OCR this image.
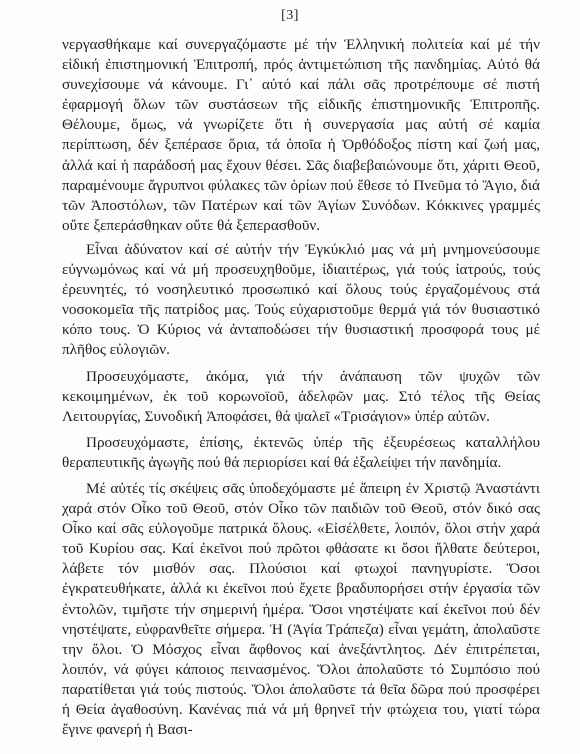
[3]

νεργασθήκαμε καί συνεργαζόμαστε μέ τήν Ἑλληνική πολιτεία καί μέ τήν εἰδική ἐπιστημονική Ἐπιτροπή, πρός ἀντιμετώπιση τῆς πανδημίας. Αὐτό θά συνεχίσουμε νά κάνουμε. Γι᾽ αὐτό καί πάλι σᾶς προτρέπουμε σέ πιστή ἐφαρμογή ὅλων τῶν συστάσεων τῆς εἰδικῆς ἐπιστημονικῆς Ἐπιτροπῆς. Θέλουμε, ὅμως, νά γνωρίζετε ὅτι ἡ συνεργασία μας αὐτή σέ καμία περίπτωση, δέν ξεπέρασε ὅρια, τά ὁποῖα ἡ Ὀρθόδοξος πίστη καί ζωή μας, ἀλλά καί ἡ παράδοσή μας ἔχουν θέσει. Σᾶς διαβεβαιώνουμε ὅτι, χάριτι Θεοῦ, παραμένουμε ἄγρυπνοι φύλακες τῶν ὁρίων πού ἔθεσε τό Πνεῦμα τό Ἅγιο, διά τῶν Ἀποστόλων, τῶν Πατέρων καί τῶν Ἁγίων Συνόδων. Κόκκινες γραμμές οὔτε ξεπεράσθηκαν οὔτε θά ξεπερασθοῦν.

Εἶναι ἀδύνατον καί σέ αὐτήν τήν Ἐγκύκλιό μας νά μή μνημονεύσουμε εὐγνωμόνως καί νά μή προσευχηθοῦμε, ἰδιαιτέρως, γιά τούς ἰατρούς, τούς ἐρευνητές, τό νοσηλευτικό προσωπικό καί ὅλους τούς ἐργαζομένους στά νοσοκομεῖα τῆς πατρίδος μας. Τούς εὐχαριστοῦμε θερμά γιά τόν θυσιαστικό κόπο τους. Ὁ Κύριος νά ἀνταποδώσει τήν θυσιαστική προσφορά τους μέ πλῆθος εὐλογιῶν.

Προσευχόμαστε, ἀκόμα, γιά τήν ἀνάπαυση τῶν ψυχῶν τῶν κεκοιμημένων, ἐκ τοῦ κορωνοϊοῦ, ἀδελφῶν μας. Στό τέλος τῆς Θείας Λειτουργίας, Συνοδική Ἀποφάσει, θά ψαλεῖ «Τρισάγιον» ὑπέρ αὐτῶν.

Προσευχόμαστε, ἐπίσης, ἐκτενῶς ὑπέρ τῆς ἐξευρέσεως καταλλήλου θεραπευτικῆς ἀγωγῆς πού θά περιορίσει καί θά ἐξαλείψει τήν πανδημία.

Μέ αὐτές τίς σκέψεις σᾶς ὑποδεχόμαστε μέ ἄπειρη ἐν Χριστῷ Ἀναστάντι χαρά στόν Οἶκο τοῦ Θεοῦ, στόν Οἶκο τῶν παιδιῶν τοῦ Θεοῦ, στόν δικό σας Οἶκο καί σᾶς εὐλογοῦμε πατρικά ὅλους. «Εἰσέλθετε, λοιπόν, ὅλοι στήν χαρά τοῦ Κυρίου σας. Καί ἐκεῖνοι πού πρῶτοι φθάσατε κι ὅσοι ἤλθατε δεύτεροι, λάβετε τόν μισθόν σας. Πλούσιοι καί φτωχοί πανηγυρίστε. Ὅσοι ἐγκρατευθήκατε, ἀλλά κι ἐκεῖνοι πού ἔχετε βραδυπορήσει στήν ἐργασία τῶν ἐντολῶν, τιμῆστε τήν σημερινή ἡμέρα. Ὅσοι νηστέψατε καί ἐκεῖνοι πού δέν νηστέψατε, εὐφρανθεῖτε σήμερα. Ἡ (Ἁγία Τράπεζα) εἶναι γεμάτη, ἀπολαῦστε την ὅλοι. Ὁ Μόσχος εἶναι ἄφθονος καί ἀνεξάντλητος. Δέν ἐπιτρέπεται, λοιπόν, νά φύγει κάποιος πεινασμένος. Ὅλοι ἀπολαῦστε τό Συμπόσιο πού παρατίθεται γιά τούς πιστούς. Ὅλοι ἀπολαῦστε τά θεῖα δῶρα πού προσφέρει ἡ Θεία ἀγαθοσύνη. Κανένας πιά νά μή θρηνεῖ τήν φτώχεια του, γιατί τώρα ἔγινε φανερή ἡ Βασι-
